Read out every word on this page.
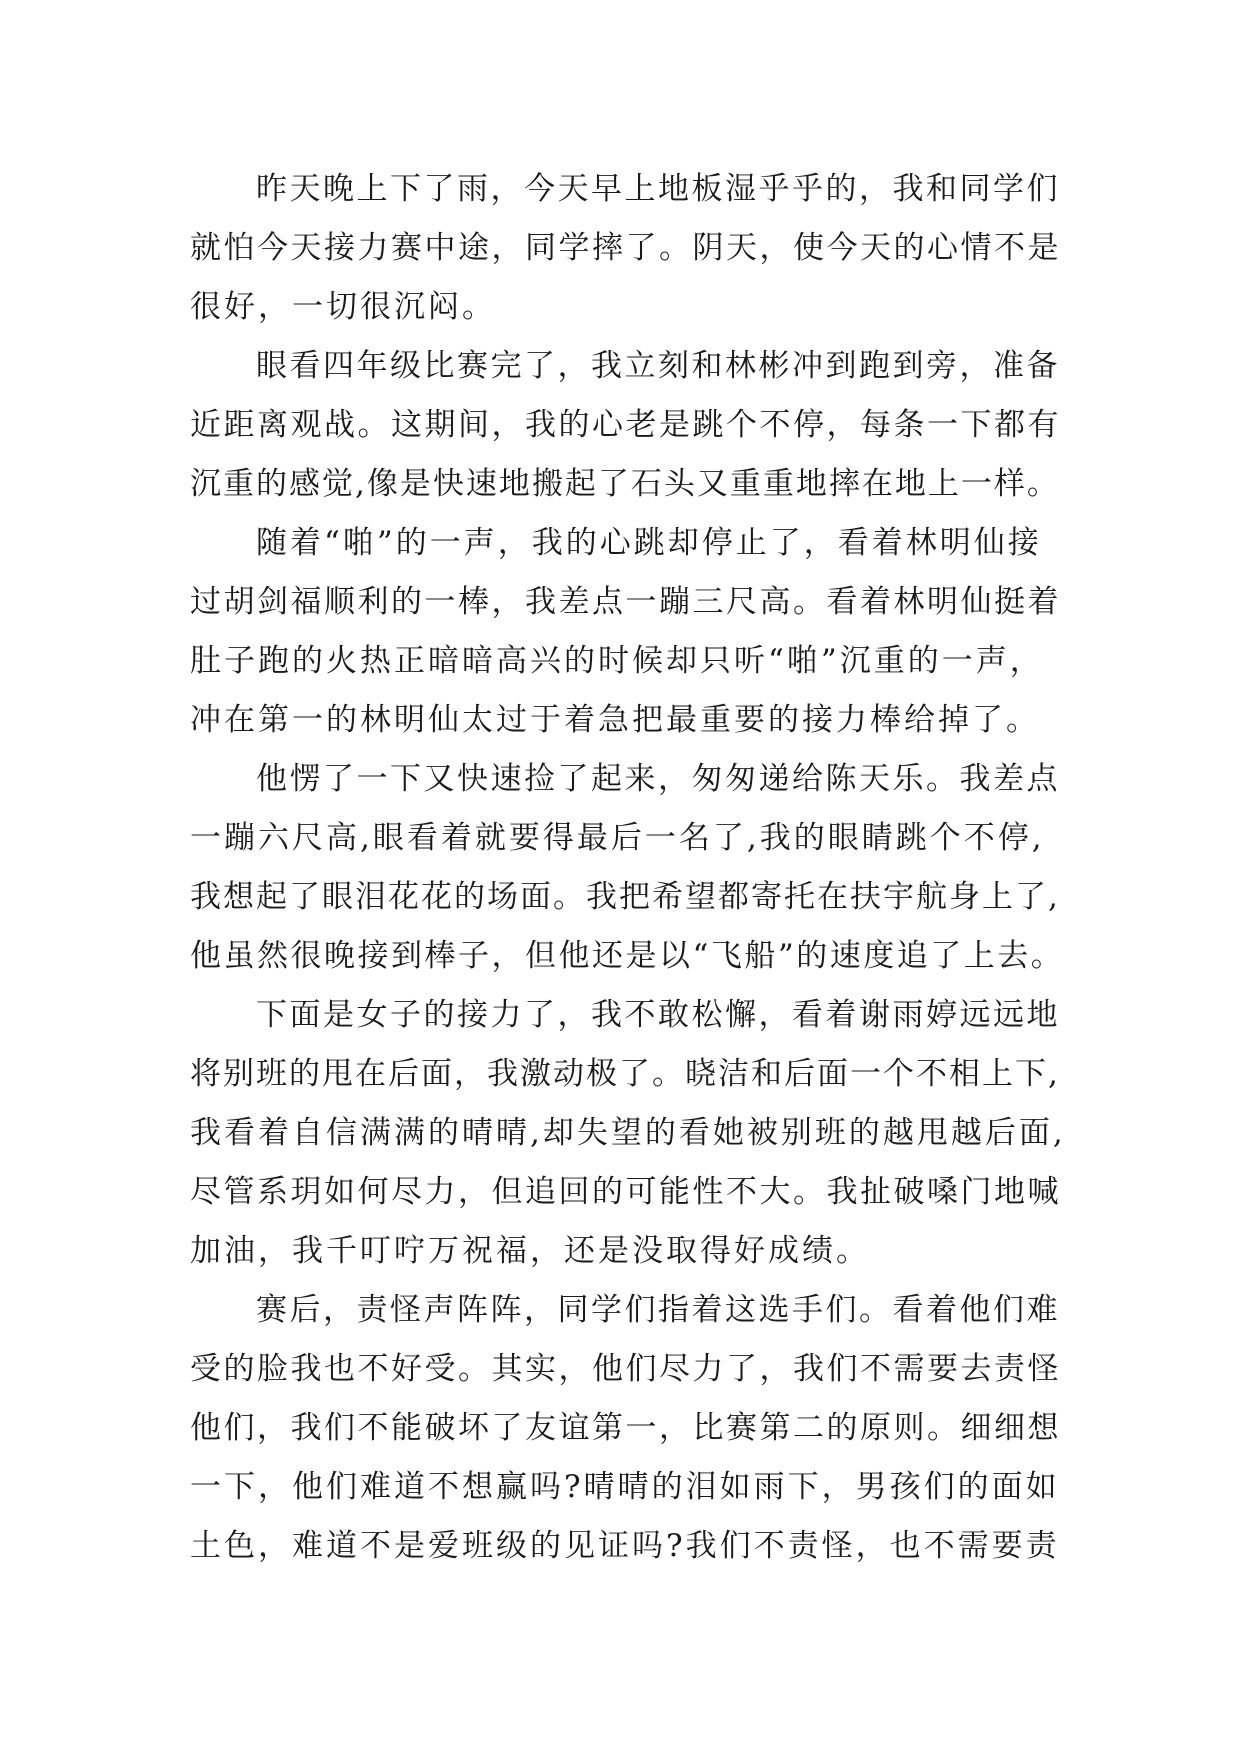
昨天晚上下了雨，今天早上地板湿乎乎的，我和同学们
就怕今天接力赛中途，同学摔了。阴天，使今天的心情不是
很好，一切很沉闷。
眼看四年级比赛完了，我立刻和林彬冲到跑到旁，准备
近距离观战。这期间，我的心老是跳个不停，每条一下都有
沉重的感觉,像是快速地搬起了石头又重重地摔在地上一样。
随着“啪”的一声，我的心跳却停止了，看着林明仙接
过胡剑福顺利的一棒，我差点一蹦三尺高。看着林明仙挺着
肚子跑的火热正暗暗高兴的时候却只听“啪”沉重的一声，
冲在第一的林明仙太过于着急把最重要的接力棒给掉了。
他愣了一下又快速捡了起来，匆匆递给陈天乐。我差点
一蹦六尺高,眼看着就要得最后一名了,我的眼睛跳个不停,
我想起了眼泪花花的场面。我把希望都寄托在扶宇航身上了,
他虽然很晚接到棒子，但他还是以“飞船”的速度追了上去。
下面是女子的接力了，我不敢松懈，看着谢雨婷远远地
将别班的甩在后面，我激动极了。晓洁和后面一个不相上下,
我看着自信满满的晴晴,却失望的看她被别班的越甩越后面,
尽管系玥如何尽力，但追回的可能性不大。我扯破嗓门地喊
加油，我千叮咛万祝福，还是没取得好成绩。
赛后，责怪声阵阵，同学们指着这选手们。看着他们难
受的脸我也不好受。其实，他们尽力了，我们不需要去责怪
他们，我们不能破坏了友谊第一，比赛第二的原则。细细想
一下，他们难道不想赢吗?晴晴的泪如雨下，男孩们的面如
土色，难道不是爱班级的见证吗?我们不责怪，也不需要责
